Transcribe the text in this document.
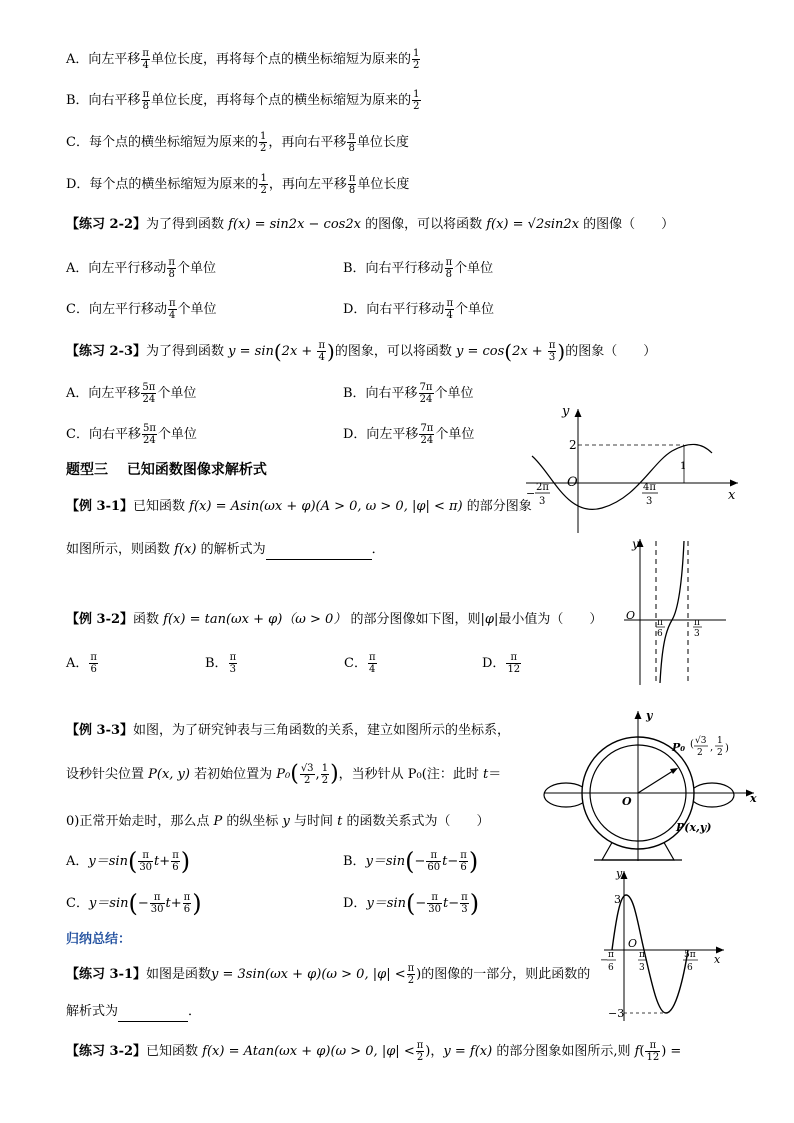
A．向左平移 $\frac{\pi}{4}$ 单位长度，再将每个点的横坐标缩短为原来的 $\frac{1}{2}$
B．向右平移 $\frac{\pi}{8}$ 单位长度，再将每个点的横坐标缩短为原来的 $\frac{1}{2}$
C．每个点的横坐标缩短为原来的 $\frac{1}{2}$ ，再向右平移 $\frac{\pi}{8}$ 单位长度
D．每个点的横坐标缩短为原来的 $\frac{1}{2}$ ，再向左平移 $\frac{\pi}{8}$ 单位长度
【练习 2-2】为了得到函数 f(x) = sin2x − cos2x 的图像，可以将函数 f(x) = √2sin2x 的图像（　　）
A．向左平行移动 $\frac{\pi}{8}$ 个单位	B．向右平行移动 $\frac{\pi}{8}$ 个单位
C．向左平行移动 $\frac{\pi}{4}$ 个单位	D．向右平行移动 $\frac{\pi}{4}$ 个单位
【练习 2-3】为了得到函数 $y = \sin(2x + \frac{\pi}{4}$ )的图象，可以将函数 $y = \cos(2x + \frac{\pi}{3}$ )的图象（　　）
A．向左平移 $\frac{5\pi}{24}$ 个单位	B．向右平移 $\frac{7\pi}{24}$ 个单位
C．向右平移 $\frac{5\pi}{24}$ 个单位	D．向左平移 $\frac{7\pi}{24}$ 个单位
题型三　 已知函数图像求解析式
【例 3-1】已知函数 f(x) = Asin(ωx + φ)(A > 0, ω > 0, |φ| < π) 的部分图象
如图所示，则函数 f(x) 的解析式为	．
y
x
O
2
1
− 2π
3
4π
3
【例 3-2】函数 f(x) = tan(ωx + φ)（ω > 0） 的部分图像如下图，则|φ|最小值为（　　）
A． $\frac{\pi}{6}$	B． $\frac{\pi}{3}$	C． $\frac{\pi}{4}$	D． $\frac{\pi}{12}$
y
O
π
6
π
3
【例 3-3】如图，为了研究钟表与三角函数的关系，建立如图所示的坐标系，
设秒针尖位置 P(x, y) 若初始位置为 $P_0( \frac{√3}{2}$ , $\frac{1}{2}$ )，当秒针从 P₀(注：此时 t＝
0)正常开始走时，那么点 P 的纵坐标 y 与时间 t 的函数关系式为（　　）
A．$y=\sin( \frac{\pi}{30} t+ \frac{\pi}{6}$ )	B．$y=\sin(- \frac{\pi}{60} t- \frac{\pi}{6}$ )
C．$y=\sin(- \frac{\pi}{30} t+ \frac{\pi}{6}$ )	D．$y=\sin(- \frac{\pi}{30} t- \frac{\pi}{3}$ )
y
x
O
P₀ ( √3
2 ,
1
2 )
P(x,y)
归纳总结：
【练习 3-1】如图是函数y = 3sin(ωx + φ)(ω > 0, $|\varphi| < \frac{\pi}{2}$ )的图像的一部分，则此函数的
解析式为	．
y
x
O
3
−3
− π
6
π
3
5π
6
【练习 3-2】已知函数 f(x) = Atan(ωx + φ)(ω > 0, $|\varphi| < \frac{\pi}{2}$ )，y = f(x) 的部分图象如图所示,则 $f( \frac{\pi}{12}$ ) =
